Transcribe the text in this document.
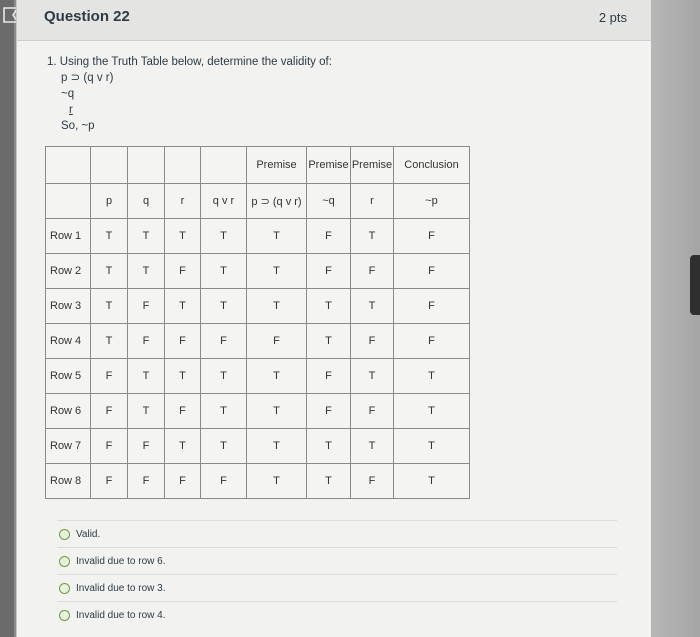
Question 22	2 pts
1. Using the Truth Table below, determine the validity of:
p ⊃ (q v r)
~q
r
So, ~p
					Premise	Premise	Premise	Conclusion
	p	q	r	q v r	p ⊃ (q v r)	~q	r	~p
Row 1	T	T	T	T	T	F	T	F
Row 2	T	T	F	T	T	F	F	F
Row 3	T	F	T	T	T	T	T	F
Row 4	T	F	F	F	F	T	F	F
Row 5	F	T	T	T	T	F	T	T
Row 6	F	T	F	T	T	F	F	T
Row 7	F	F	T	T	T	T	T	T
Row 8	F	F	F	F	T	T	F	T
Valid.
Invalid due to row 6.
Invalid due to row 3.
Invalid due to row 4.
